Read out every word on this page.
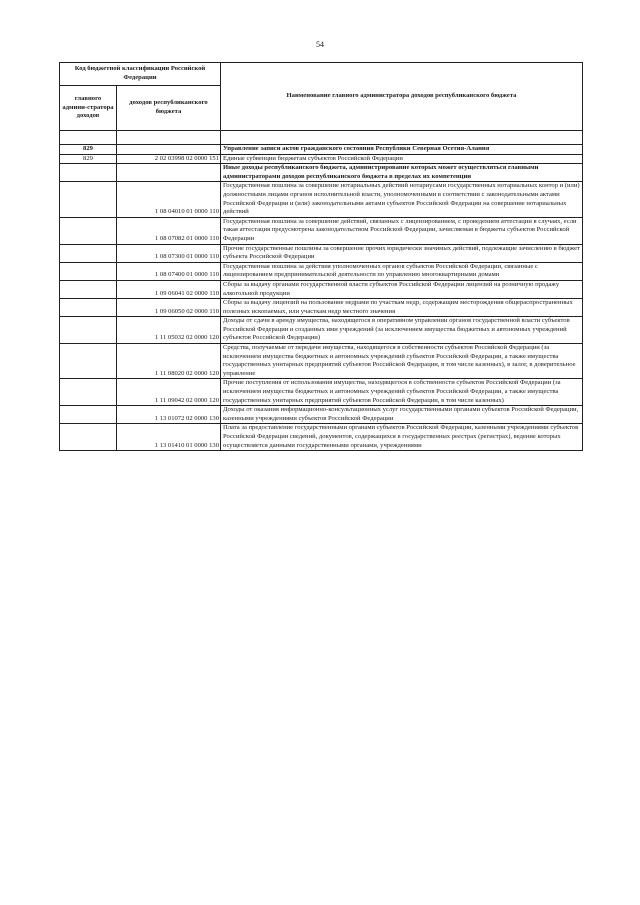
54
Код бюджетной классификации Российской Федерации		Наименование главного администратора доходов республиканского бюджета
главного админи-стратора доходов	доходов республиканского бюджета	

829		Управление записи актов гражданского состояния Республики Северная Осетия-Алания
829	2 02 03998 02 0000 151	Единые субвенции бюджетам субъектов Российской Федерации
		Иные доходы республиканского бюджета, администрирование которых может осуществляться главными администраторами доходов республиканского бюджета в пределах их компетенции
	1 08 04010 01 0000 110	Государственная пошлина за совершение нотариальных действий нотариусами государственных нотариальных контор и (или) должностными лицами органов исполнительной власти, уполномоченными в соответствии с законодательными актами Российской Федерации и (или) законодательными актами субъектов Российской Федерации на совершение нотариальных действий
	1 08 07082 01 0000 110	Государственная пошлина за совершение действий, связанных с лицензированием, с проведением аттестации в случаях, если такая аттестация предусмотрена законодательством Российской Федерации, зачисляемая в бюджеты субъектов Российской Федерации
	1 08 07300 01 0000 110	Прочие государственные пошлины за совершение прочих юридически значимых действий, подлежащие зачислению в бюджет субъекта Российской Федерации
	1 08 07400 01 0000 110	Государственная пошлина за действия уполномоченных органов субъектов Российской Федерации, связанные с лицензированием предпринимательской деятельности по управлению многоквартирными домами
	1 09 06041 02 0000 110	Сборы за выдачу органами государственной власти субъектов Российской Федерации лицензий на розничную продажу алкогольной продукции
	1 09 06050 02 0000 110	Сборы за выдачу лицензий на пользование недрами по участкам недр, содержащим месторождения общераспространенных полезных ископаемых, или участкам недр местного значения
	1 11 05032 02 0000 120	Доходы от сдачи в аренду имущества, находящегося в оперативном управлении органов государственной власти субъектов Российской Федерации и созданных ими учреждений (за исключением имущества бюджетных и автономных учреждений субъектов Российской Федерации)
	1 11 08020 02 0000 120	Средства, получаемые от передачи имущества, находящегося в собственности субъектов Российской Федерации (за исключением имущества бюджетных и автономных учреждений субъектов Российской Федерации, а также имущества государственных унитарных предприятий субъектов Российской Федерации, в том числе казенных), в залог, в доверительное управление
	1 11 09042 02 0000 120	Прочие поступления от использования имущества, находящегося в собственности субъектов Российской Федерации (за исключением имущества бюджетных и автономных учреждений субъектов Российской Федерации, а также имущества государственных унитарных предприятий субъектов Российской Федерации, в том числе казенных)
	1 13 01072 02 0000 130	Доходы от оказания информационно-консультационных услуг государственными органами субъектов Российской Федерации, казенными учреждениями субъектов Российской Федерации
	1 13 01410 01 0000 130	Плата за предоставление государственными органами субъектов Российской Федерации, казенными учреждениями субъектов Российской Федерации сведений, документов, содержащихся в государственных реестрах (регистрах), ведение которых осуществляется данными государственными органами, учреждениями
